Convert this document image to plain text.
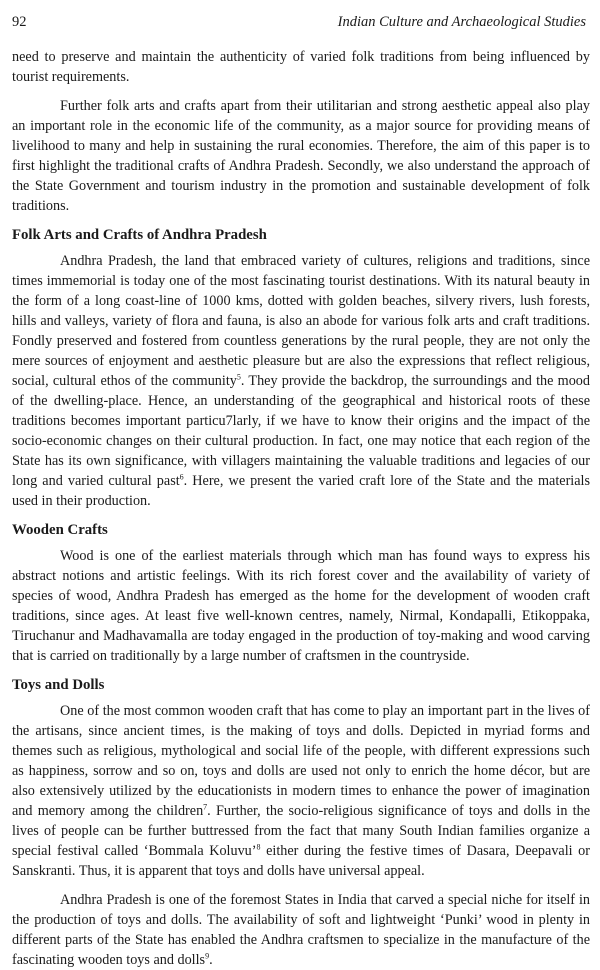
92	Indian Culture and Archaeological Studies

need to preserve and maintain the authenticity of varied folk traditions from being influenced by tourist requirements.

Further folk arts and crafts apart from their utilitarian and strong aesthetic appeal also play an important role in the economic life of the community, as a major source for providing means of livelihood to many and help in sustaining the rural economies. Therefore, the aim of this paper is to first highlight the traditional crafts of Andhra Pradesh. Secondly, we also understand the approach of the State Government and tourism industry in the promotion and sustainable development of folk traditions.

Folk Arts and Crafts of Andhra Pradesh

Andhra Pradesh, the land that embraced variety of cultures, religions and traditions, since times immemorial is today one of the most fascinating tourist destinations. With its natural beauty in the form of a long coast-line of 1000 kms, dotted with golden beaches, silvery rivers, lush forests, hills and valleys, variety of flora and fauna, is also an abode for various folk arts and craft traditions. Fondly preserved and fostered from countless generations by the rural people, they are not only the mere sources of enjoyment and aesthetic pleasure but are also the expressions that reflect religious, social, cultural ethos of the community$^5$. They provide the backdrop, the surroundings and the mood of the dwelling-place. Hence, an understanding of the geographical and historical roots of these traditions becomes important particu7larly, if we have to know their origins and the impact of the socio-economic changes on their cultural production. In fact, one may notice that each region of the State has its own significance, with villagers maintaining the valuable traditions and legacies of our long and varied cultural past$^6$. Here, we present the varied craft lore of the State and the materials used in their production.

Wooden Crafts

Wood is one of the earliest materials through which man has found ways to express his abstract notions and artistic feelings. With its rich forest cover and the availability of variety of species of wood, Andhra Pradesh has emerged as the home for the development of wooden craft traditions, since ages. At least five well-known centres, namely, Nirmal, Kondapalli, Etikoppaka, Tiruchanur and Madhavamalla are today engaged in the production of toy-making and wood carving that is carried on traditionally by a large number of craftsmen in the countryside.

Toys and Dolls

One of the most common wooden craft that has come to play an important part in the lives of the artisans, since ancient times, is the making of toys and dolls. Depicted in myriad forms and themes such as religious, mythological and social life of the people, with different expressions such as happiness, sorrow and so on, toys and dolls are used not only to enrich the home décor, but are also extensively utilized by the educationists in modern times to enhance the power of imagination and memory among the children$^7$. Further, the socio-religious significance of toys and dolls in the lives of people can be further buttressed from the fact that many South Indian families organize a special festival called ‘Bommala Koluvu’$^8$ either during the festive times of Dasara, Deepavali or Sanskranti. Thus, it is apparent that toys and dolls have universal appeal.

Andhra Pradesh is one of the foremost States in India that carved a special niche for itself in the production of toys and dolls. The availability of soft and lightweight ‘Punki’ wood in plenty in different parts of the State has enabled the Andhra craftsmen to specialize in the manufacture of the fascinating wooden toys and dolls$^9$.
